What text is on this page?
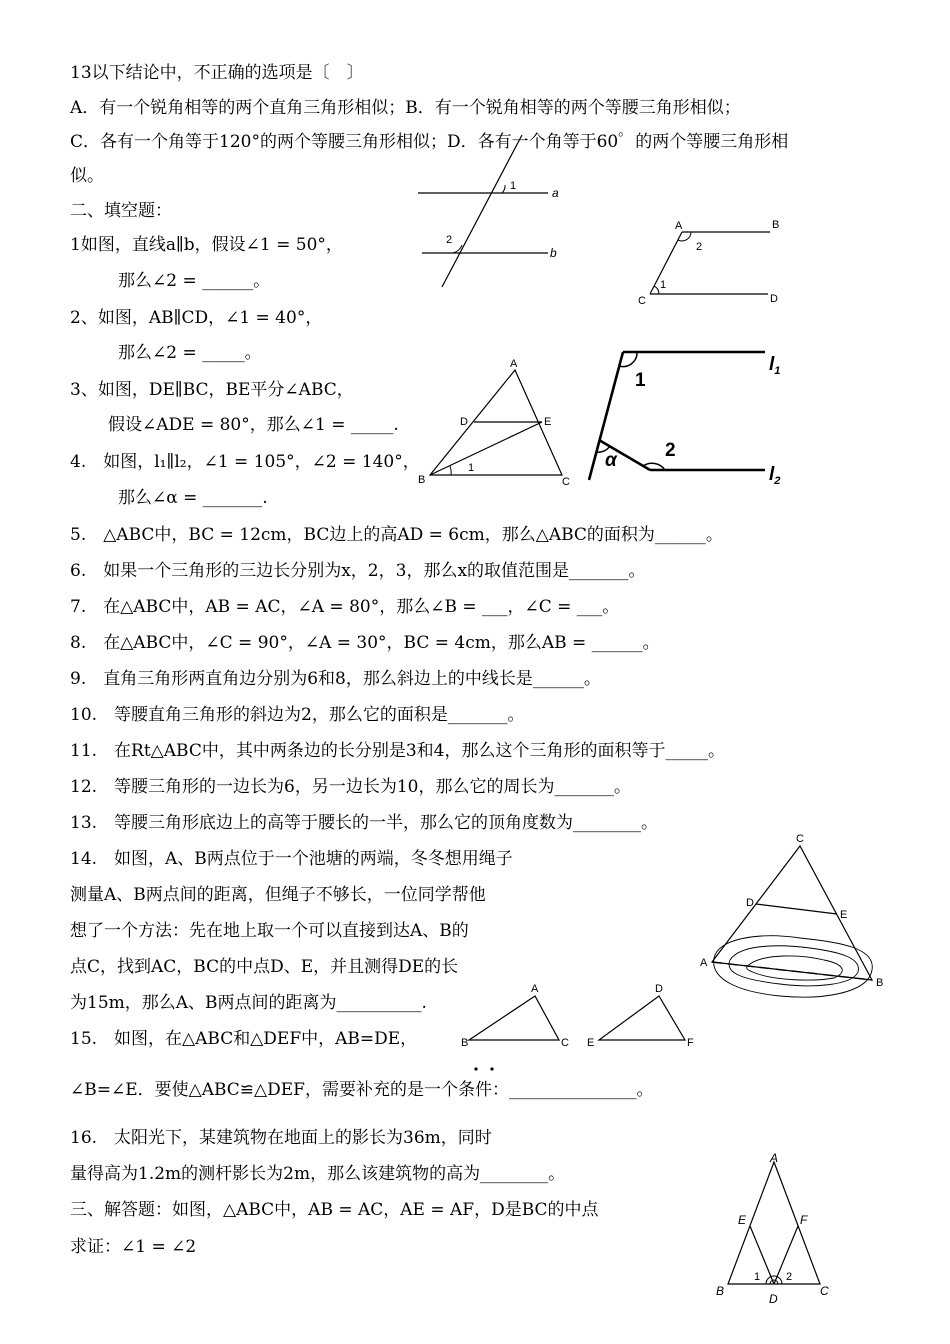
13以下结论中，不正确的选项是〔　〕
A．有一个锐角相等的两个直角三角形相似；B．有一个锐角相等的两个等腰三角形相似；
C．各有一个角等于120°的两个等腰三角形相似；D．各有一个角等于60゜的两个等腰三角形相
似。
二、填空题：
1如图，直线a∥b，假设∠1 = 50°，
那么∠2 = ______。
2、如图，AB∥CD，∠1 = 40°，
那么∠2 = _____。
3、如图，DE∥BC，BE平分∠ABC，
假设∠ADE = 80°，那么∠1 = _____.
4.　如图，l₁∥l₂，∠1 = 105°，∠2 = 140°，
那么∠α = _______.
5.　△ABC中，BC = 12cm，BC边上的高AD = 6cm，那么△ABC的面积为______。
6.　如果一个三角形的三边长分别为x，2，3，那么x的取值范围是_______。
7.　在△ABC中，AB = AC，∠A = 80°，那么∠B = ___，∠C = ___。
8.　在△ABC中，∠C = 90°，∠A = 30°，BC = 4cm，那么AB = ______。
9.　直角三角形两直角边分别为6和8，那么斜边上的中线长是______。
10.　等腰直角三角形的斜边为2，那么它的面积是_______。
11.　在Rt△ABC中，其中两条边的长分别是3和4，那么这个三角形的面积等于_____。
12.　等腰三角形的一边长为6，另一边长为10，那么它的周长为_______。
13.　等腰三角形底边上的高等于腰长的一半，那么它的顶角度数为________。
14.　如图，A、B两点位于一个池塘的两端，冬冬想用绳子
测量A、B两点间的距离，但绳子不够长，一位同学帮他
想了一个方法：先在地上取一个可以直接到达A、B的
点C，找到AC，BC的中点D、E，并且测得DE的长
为15m，那么A、B两点间的距离为__________.
15.　如图，在△ABC和△DEF中，AB=DE，
∠B=∠E．要使△ABC≌△DEF，需要补充的是一个条件：_______________。
16.　太阳光下，某建筑物在地面上的影长为36m，同时
量得高为1.2m的测杆影长为2m，那么该建筑物的高为________。
三、解答题：如图，△ABC中，AB = AC，AE = AF，D是BC的中点
求证：∠1 = ∠2
1
2
a
b
A	B
C	D
2
1
A
B	C
D	E
1
1
2
α
$l_1$
$l_2$
C
A
B
D
E
A
B	C
D
E	F
A
B	C
D
E	F
1 2
